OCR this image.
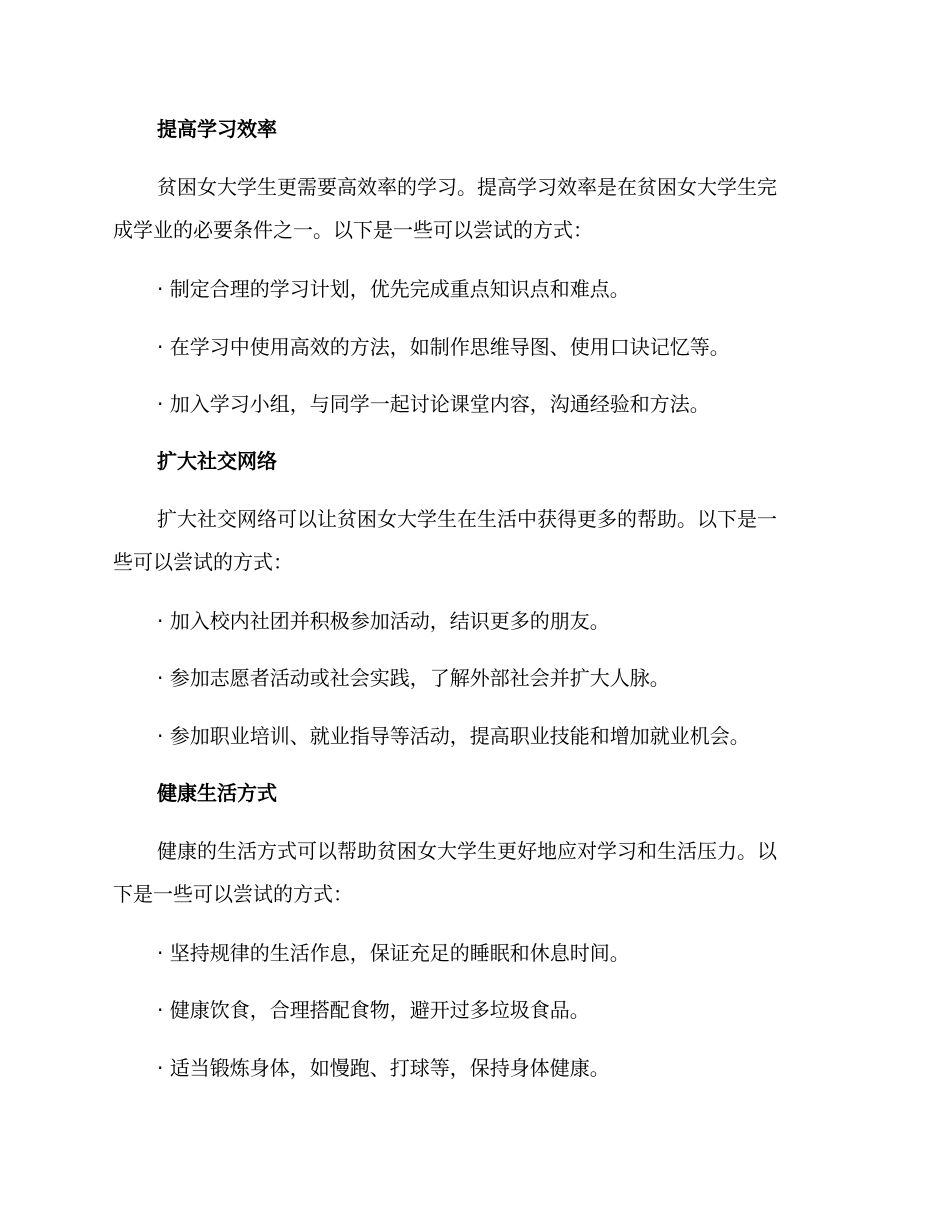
提高学习效率
贫困女大学生更需要高效率的学习。提高学习效率是在贫困女大学生完
成学业的必要条件之一。以下是一些可以尝试的方式：
· 制定合理的学习计划，优先完成重点知识点和难点。
· 在学习中使用高效的方法，如制作思维导图、使用口诀记忆等。
· 加入学习小组，与同学一起讨论课堂内容，沟通经验和方法。
扩大社交网络
扩大社交网络可以让贫困女大学生在生活中获得更多的帮助。以下是一
些可以尝试的方式：
· 加入校内社团并积极参加活动，结识更多的朋友。
· 参加志愿者活动或社会实践，了解外部社会并扩大人脉。
· 参加职业培训、就业指导等活动，提高职业技能和增加就业机会。
健康生活方式
健康的生活方式可以帮助贫困女大学生更好地应对学习和生活压力。以
下是一些可以尝试的方式：
· 坚持规律的生活作息，保证充足的睡眠和休息时间。
· 健康饮食，合理搭配食物，避开过多垃圾食品。
· 适当锻炼身体，如慢跑、打球等，保持身体健康。
